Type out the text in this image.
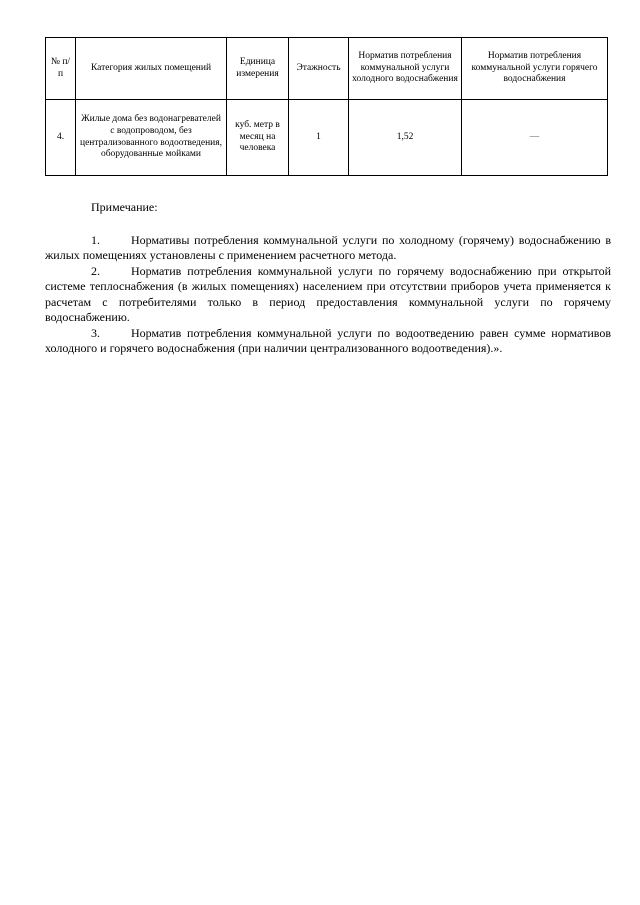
№ п/п	Категория жилых помещений	Единица измерения	Этажность	Норматив потребления коммунальной услуги холодного водоснабжения	Норматив потребления коммунальной услуги горячего водоснабжения
4.	Жилые дома без водонагревателей с водопроводом, без централизованного водоотведения, оборудованные мойками	куб. метр в месяц на человека	1	1,52	—

Примечание:

1.	Нормативы потребления коммунальной услуги по холодному (горячему) водоснабжению в жилых помещениях установлены с применением расчетного метода.

2.	Норматив потребления коммунальной услуги по горячему водоснабжению при открытой системе теплоснабжения (в жилых помещениях) населением при отсутствии приборов учета применяется к расчетам с потребителями только в период предоставления коммунальной услуги по горячему водоснабжению.

3.	Норматив потребления коммунальной услуги по водоотведению равен сумме нормативов холодного и горячего водоснабжения (при наличии централизованного водоотведения).».
